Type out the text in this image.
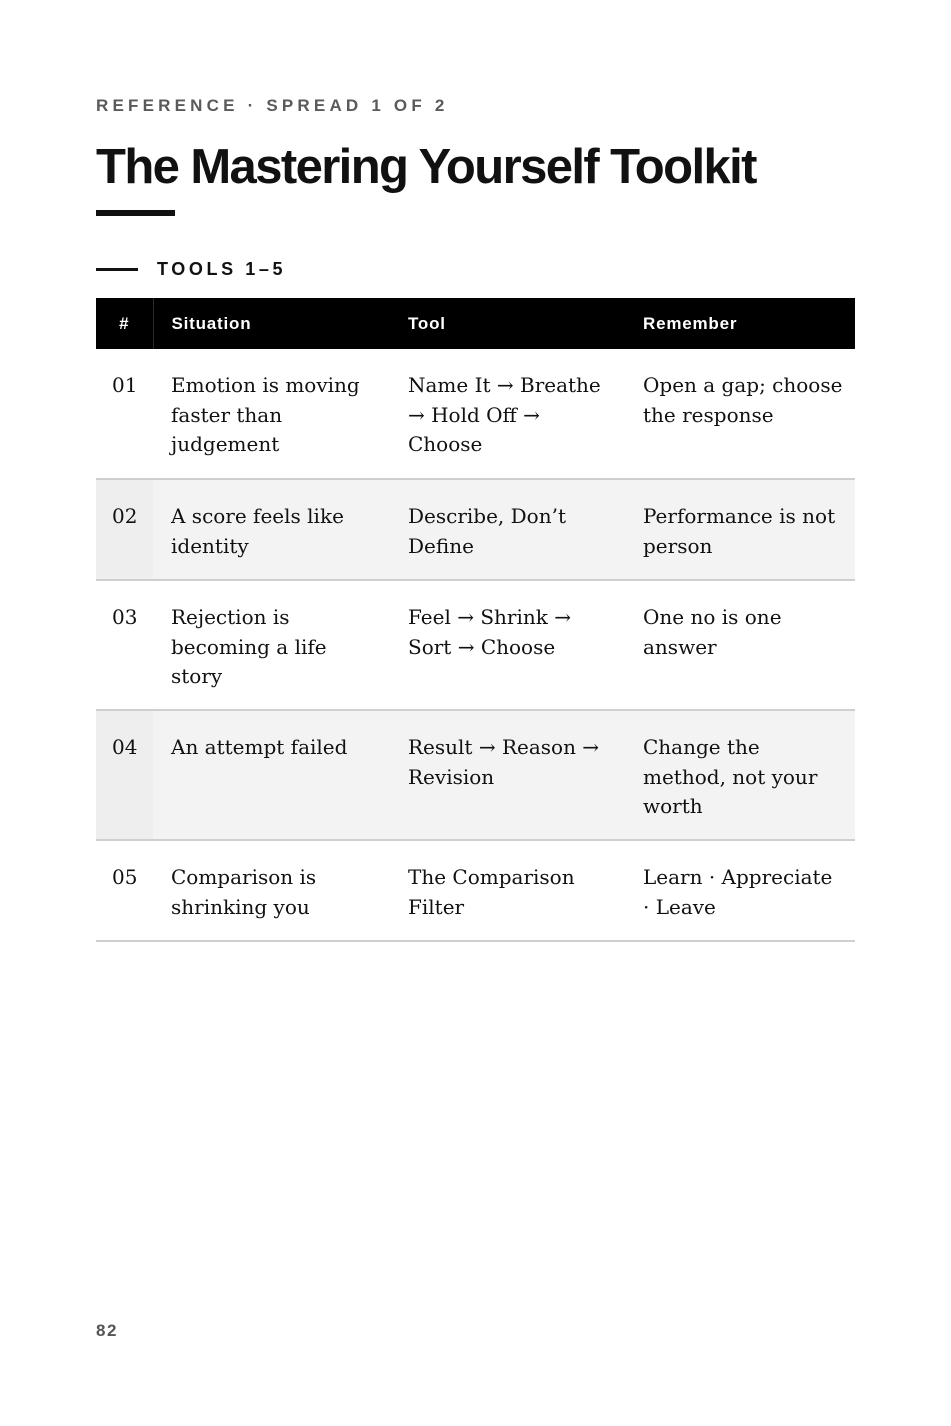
REFERENCE · SPREAD 1 OF 2
The Mastering Yourself Toolkit
TOOLS 1–5
#	Situation	Tool	Remember
01	Emotion is moving faster than judgement	Name It → Breathe → Hold Off → Choose	Open a gap; choose the response
02	A score feels like identity	Describe, Don’t Define	Performance is not person
03	Rejection is becoming a life story	Feel → Shrink → Sort → Choose	One no is one answer
04	An attempt failed	Result → Reason → Revision	Change the method, not your worth
05	Comparison is shrinking you	The Comparison Filter	Learn · Appreciate · Leave
82
